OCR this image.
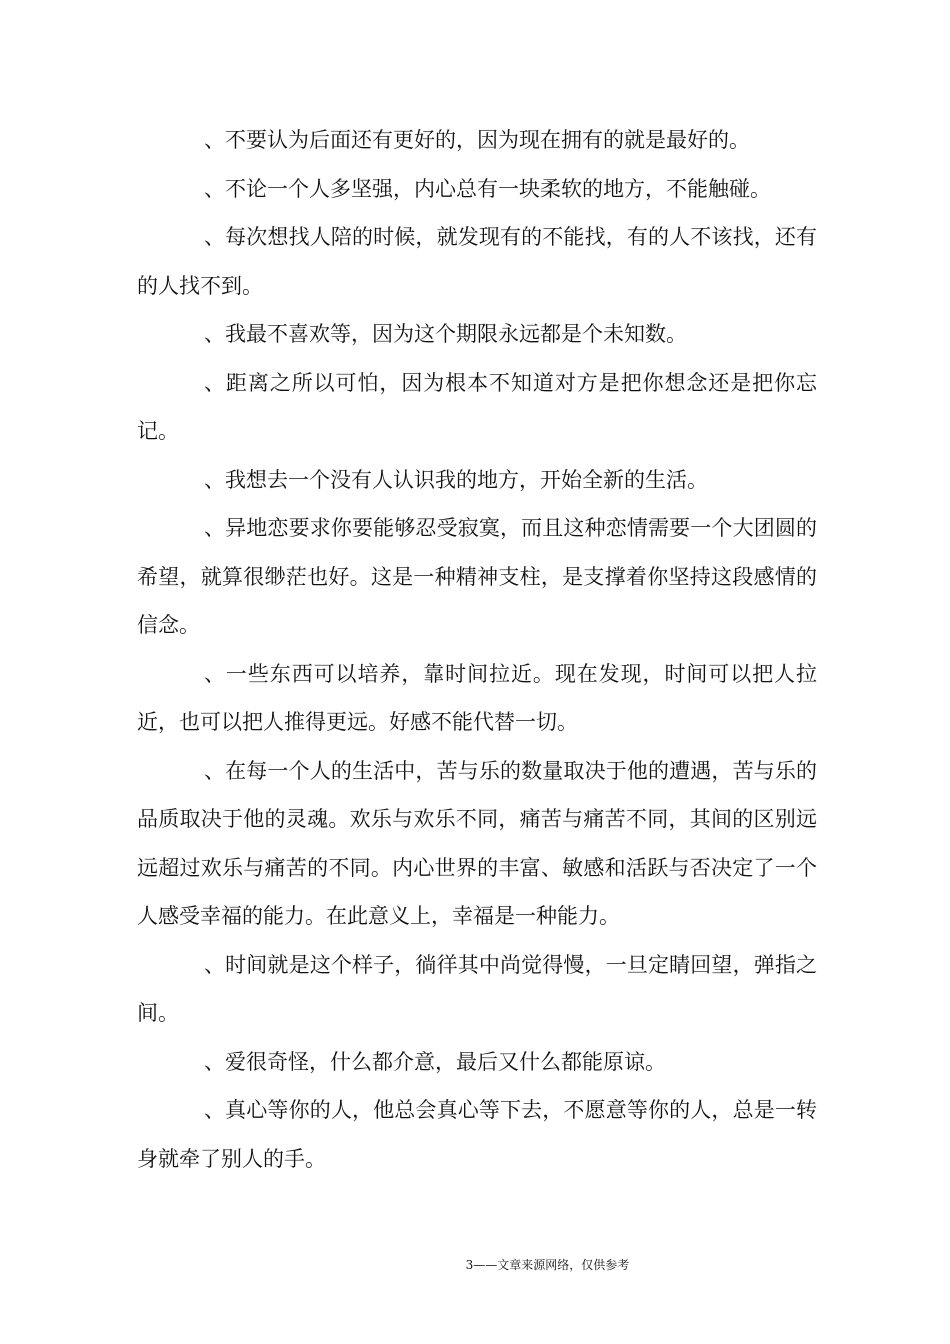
、不要认为后面还有更好的，因为现在拥有的就是最好的。

、不论一个人多坚强，内心总有一块柔软的地方，不能触碰。

、每次想找人陪的时候，就发现有的不能找，有的人不该找，还有的人找不到。

、我最不喜欢等，因为这个期限永远都是个未知数。

、距离之所以可怕，因为根本不知道对方是把你想念还是把你忘记。

、我想去一个没有人认识我的地方，开始全新的生活。

、异地恋要求你要能够忍受寂寞，而且这种恋情需要一个大团圆的希望，就算很缈茫也好。这是一种精神支柱，是支撑着你坚持这段感情的信念。

、一些东西可以培养，靠时间拉近。现在发现，时间可以把人拉近，也可以把人推得更远。好感不能代替一切。

、在每一个人的生活中，苦与乐的数量取决于他的遭遇，苦与乐的品质取决于他的灵魂。欢乐与欢乐不同，痛苦与痛苦不同，其间的区别远远超过欢乐与痛苦的不同。内心世界的丰富、敏感和活跃与否决定了一个人感受幸福的能力。在此意义上，幸福是一种能力。

、时间就是这个样子，徜徉其中尚觉得慢，一旦定睛回望，弹指之间。

、爱很奇怪，什么都介意，最后又什么都能原谅。

、真心等你的人，他总会真心等下去，不愿意等你的人，总是一转身就牵了别人的手。

3——文章来源网络，仅供参考
